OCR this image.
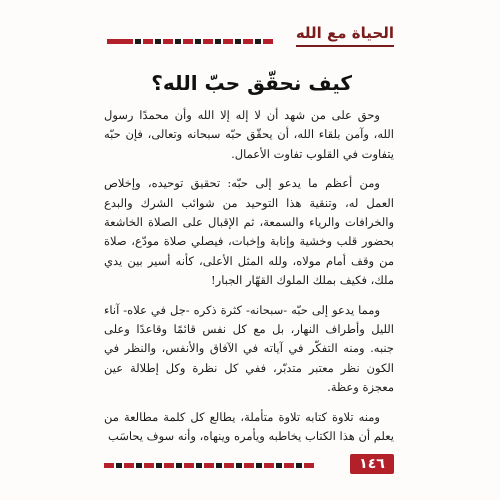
الحياة مع الله
كيف نحقّق حبّ الله؟

وحق على من شهد أن لا إله إلا الله وأن محمدًا رسول الله، وآمن بلقاء الله، أن يحقّق حبّه سبحانه وتعالى، فإن حبّه يتفاوت في القلوب تفاوت الأعمال.

ومن أعظم ما يدعو إلى حبّه: تحقيق توحيده، وإخلاص العمل له، وتنقية هذا التوحيد من شوائب الشرك والبدع والخرافات والرياء والسمعة، ثم الإقبال على الصلاة الخاشعة بحضور قلب وخشية وإنابة وإخبات، فيصلي صلاة مودّع، صلاة من وقف أمام مولاه، ولله المثل الأعلى، كأنه أسير بين يدي ملك، فكيف بملك الملوك القهّار الجبار!

ومما يدعو إلى حبّه -سبحانه- كثرة ذكره -جل في علاه- آناء الليل وأطراف النهار، بل مع كل نفس قائمًا وقاعدًا وعلى جنبه. ومنه التفكّر في آياته في الآفاق والأنفس، والنظر في الكون نظر معتبر متدبّر، ففي كل نظرة وكل إطلالة عين معجزة وعظة.

ومنه تلاوة كتابه تلاوة متأملة، يطالع كل كلمة مطالعة من يعلم أن هذا الكتاب يخاطبه ويأمره وينهاه، وأنه سوف يحاسَب

١٤٦
